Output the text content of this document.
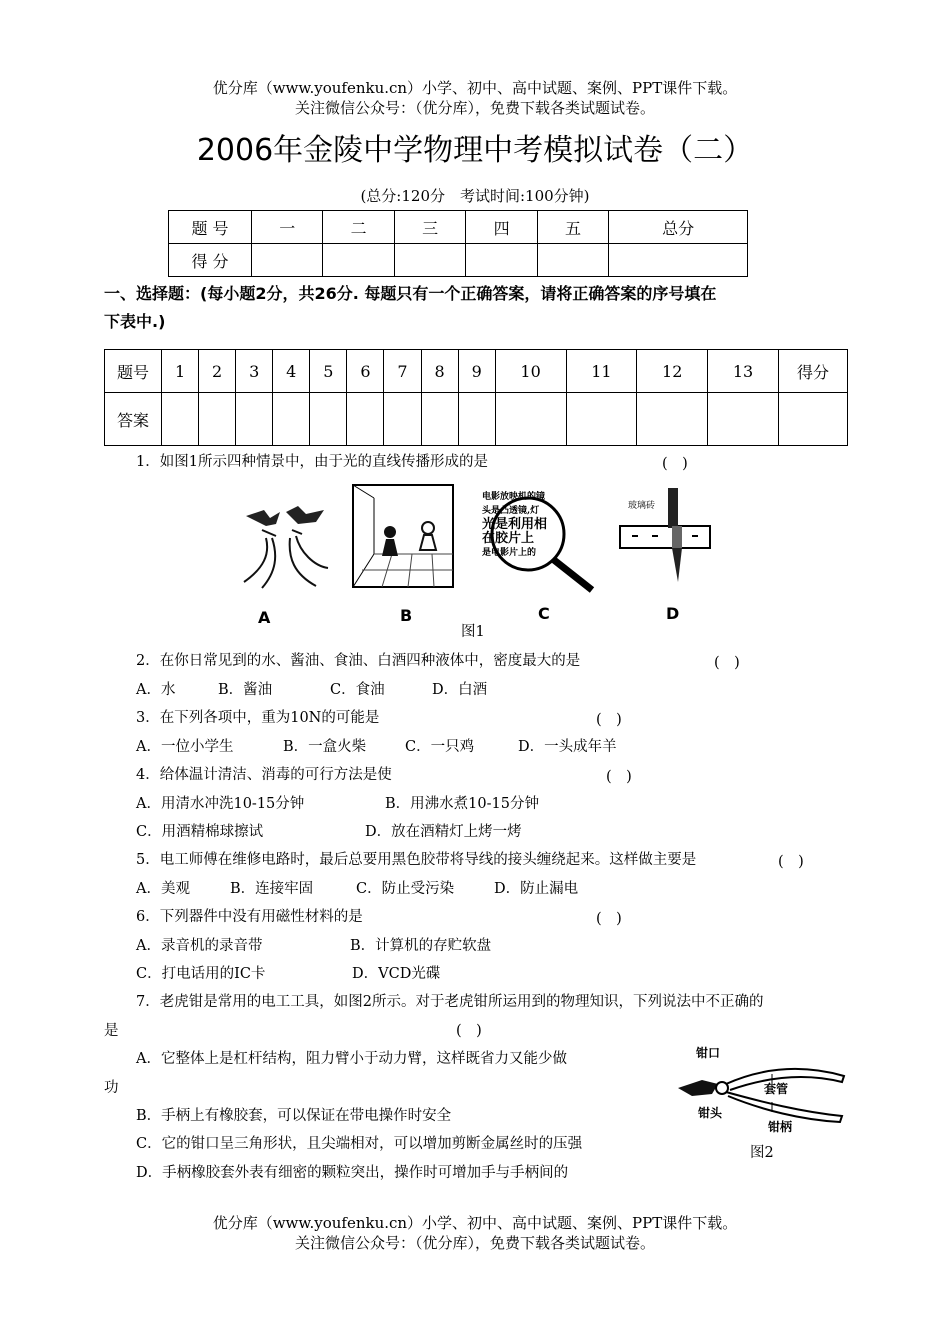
优分库（www.youfenku.cn）小学、初中、高中试题、案例、PPT课件下载。
关注微信公众号：（优分库），免费下载各类试题试卷。
2006年金陵中学物理中考模拟试卷（二）
(总分:120分　考试时间:100分钟)
题 号	一	二	三	四	五	总分
得 分						
一、选择题：(每小题2分，共26分. 每题只有一个正确答案，请将正确答案的序号填在
下表中.)
题号	1	2	3	4	5	6	7	8	9	10	11	12	13	得分
答案														
1．如图1所示四种情景中，由于光的直线传播形成的是	(　)
电影放映机的镜
头是凸透镜,灯
光是利用相
在胶片上
是电影片上的
玻璃砖
A	B	C	D
图1
2．在你日常见到的水、酱油、食油、白酒四种液体中，密度最大的是	(　)
A．水	B．酱油	C．食油	D．白酒
3．在下列各项中，重为10N的可能是	(　)
A．一位小学生	B．一盒火柴	C．一只鸡	D．一头成年羊
4．给体温计清洁、消毒的可行方法是使	(　)
A．用清水冲洗10-15分钟	B．用沸水煮10-15分钟
C．用酒精棉球擦试	D．放在酒精灯上烤一烤
5．电工师傅在维修电路时，最后总要用黑色胶带将导线的接头缠绕起来。这样做主要是	(　)
A．美观	B．连接牢固	C．防止受污染	D．防止漏电
6．下列器件中没有用磁性材料的是	(　)
A．录音机的录音带	B．计算机的存贮软盘
C．打电话用的IC卡	D．VCD光碟
7．老虎钳是常用的电工工具，如图2所示。对于老虎钳所运用到的物理知识，下列说法中不正确的
是	(　)
A．它整体上是杠杆结构，阻力臂小于动力臂，这样既省力又能少做
功
B．手柄上有橡胶套，可以保证在带电操作时安全
C．它的钳口呈三角形状，且尖端相对，可以增加剪断金属丝时的压强
D．手柄橡胶套外表有细密的颗粒突出，操作时可增加手与手柄间的
钳口
套管
钳头
钳柄
图2
优分库（www.youfenku.cn）小学、初中、高中试题、案例、PPT课件下载。
关注微信公众号：（优分库），免费下载各类试题试卷。
